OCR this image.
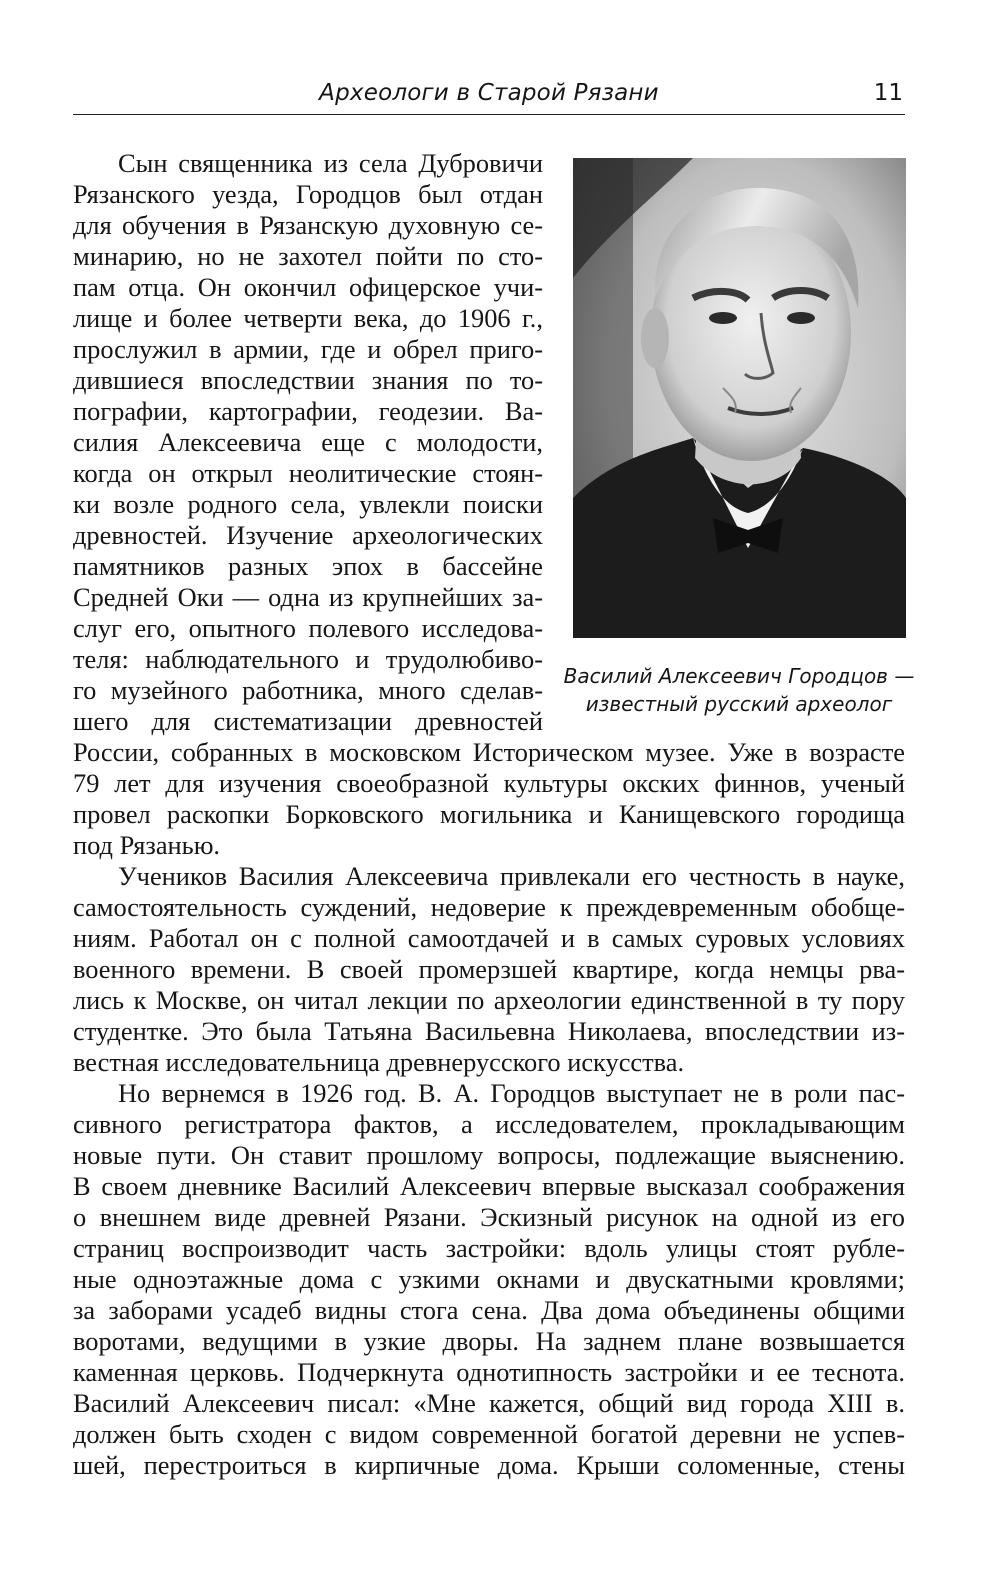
Археологи в Старой Рязани	11
Василий Алексеевич Городцов —
известный русский археолог
Сын священника из села Дубровичи
Рязанского уезда, Городцов был отдан
для обучения в Рязанскую духовную се-
минарию, но не захотел пойти по сто-
пам отца. Он окончил офицерское учи-
лище и более четверти века, до 1906 г.,
прослужил в армии, где и обрел приго-
дившиеся впоследствии знания по то-
пографии, картографии, геодезии. Ва-
силия Алексеевича еще с молодости,
когда он открыл неолитические стоян-
ки возле родного села, увлекли поиски
древностей. Изучение археологических
памятников разных эпох в бассейне
Средней Оки — одна из крупнейших за-
слуг его, опытного полевого исследова-
теля: наблюдательного и трудолюбиво-
го музейного работника, много сделав-
шего для систематизации древностей
России, собранных в московском Историческом музее. Уже в возрасте
79 лет для изучения своеобразной культуры окских финнов, ученый
провел раскопки Борковского могильника и Канищевского городища
под Рязанью.
Учеников Василия Алексеевича привлекали его честность в науке,
самостоятельность суждений, недоверие к преждевременным обобще-
ниям. Работал он с полной самоотдачей и в самых суровых условиях
военного времени. В своей промерзшей квартире, когда немцы рва-
лись к Москве, он читал лекции по археологии единственной в ту пору
студентке. Это была Татьяна Васильевна Николаева, впоследствии из-
вестная исследовательница древнерусского искусства.
Но вернемся в 1926 год. В. А. Городцов выступает не в роли пас-
сивного регистратора фактов, а исследователем, прокладывающим
новые пути. Он ставит прошлому вопросы, подлежащие выяснению.
В своем дневнике Василий Алексеевич впервые высказал соображения
о внешнем виде древней Рязани. Эскизный рисунок на одной из его
страниц воспроизводит часть застройки: вдоль улицы стоят рубле-
ные одноэтажные дома с узкими окнами и двускатными кровлями;
за заборами усадеб видны стога сена. Два дома объединены общими
воротами, ведущими в узкие дворы. На заднем плане возвышается
каменная церковь. Подчеркнута однотипность застройки и ее теснота.
Василий Алексеевич писал: «Мне кажется, общий вид города XIII в.
должен быть сходен с видом современной богатой деревни не успев-
шей, перестроиться в кирпичные дома. Крыши соломенные, стены
